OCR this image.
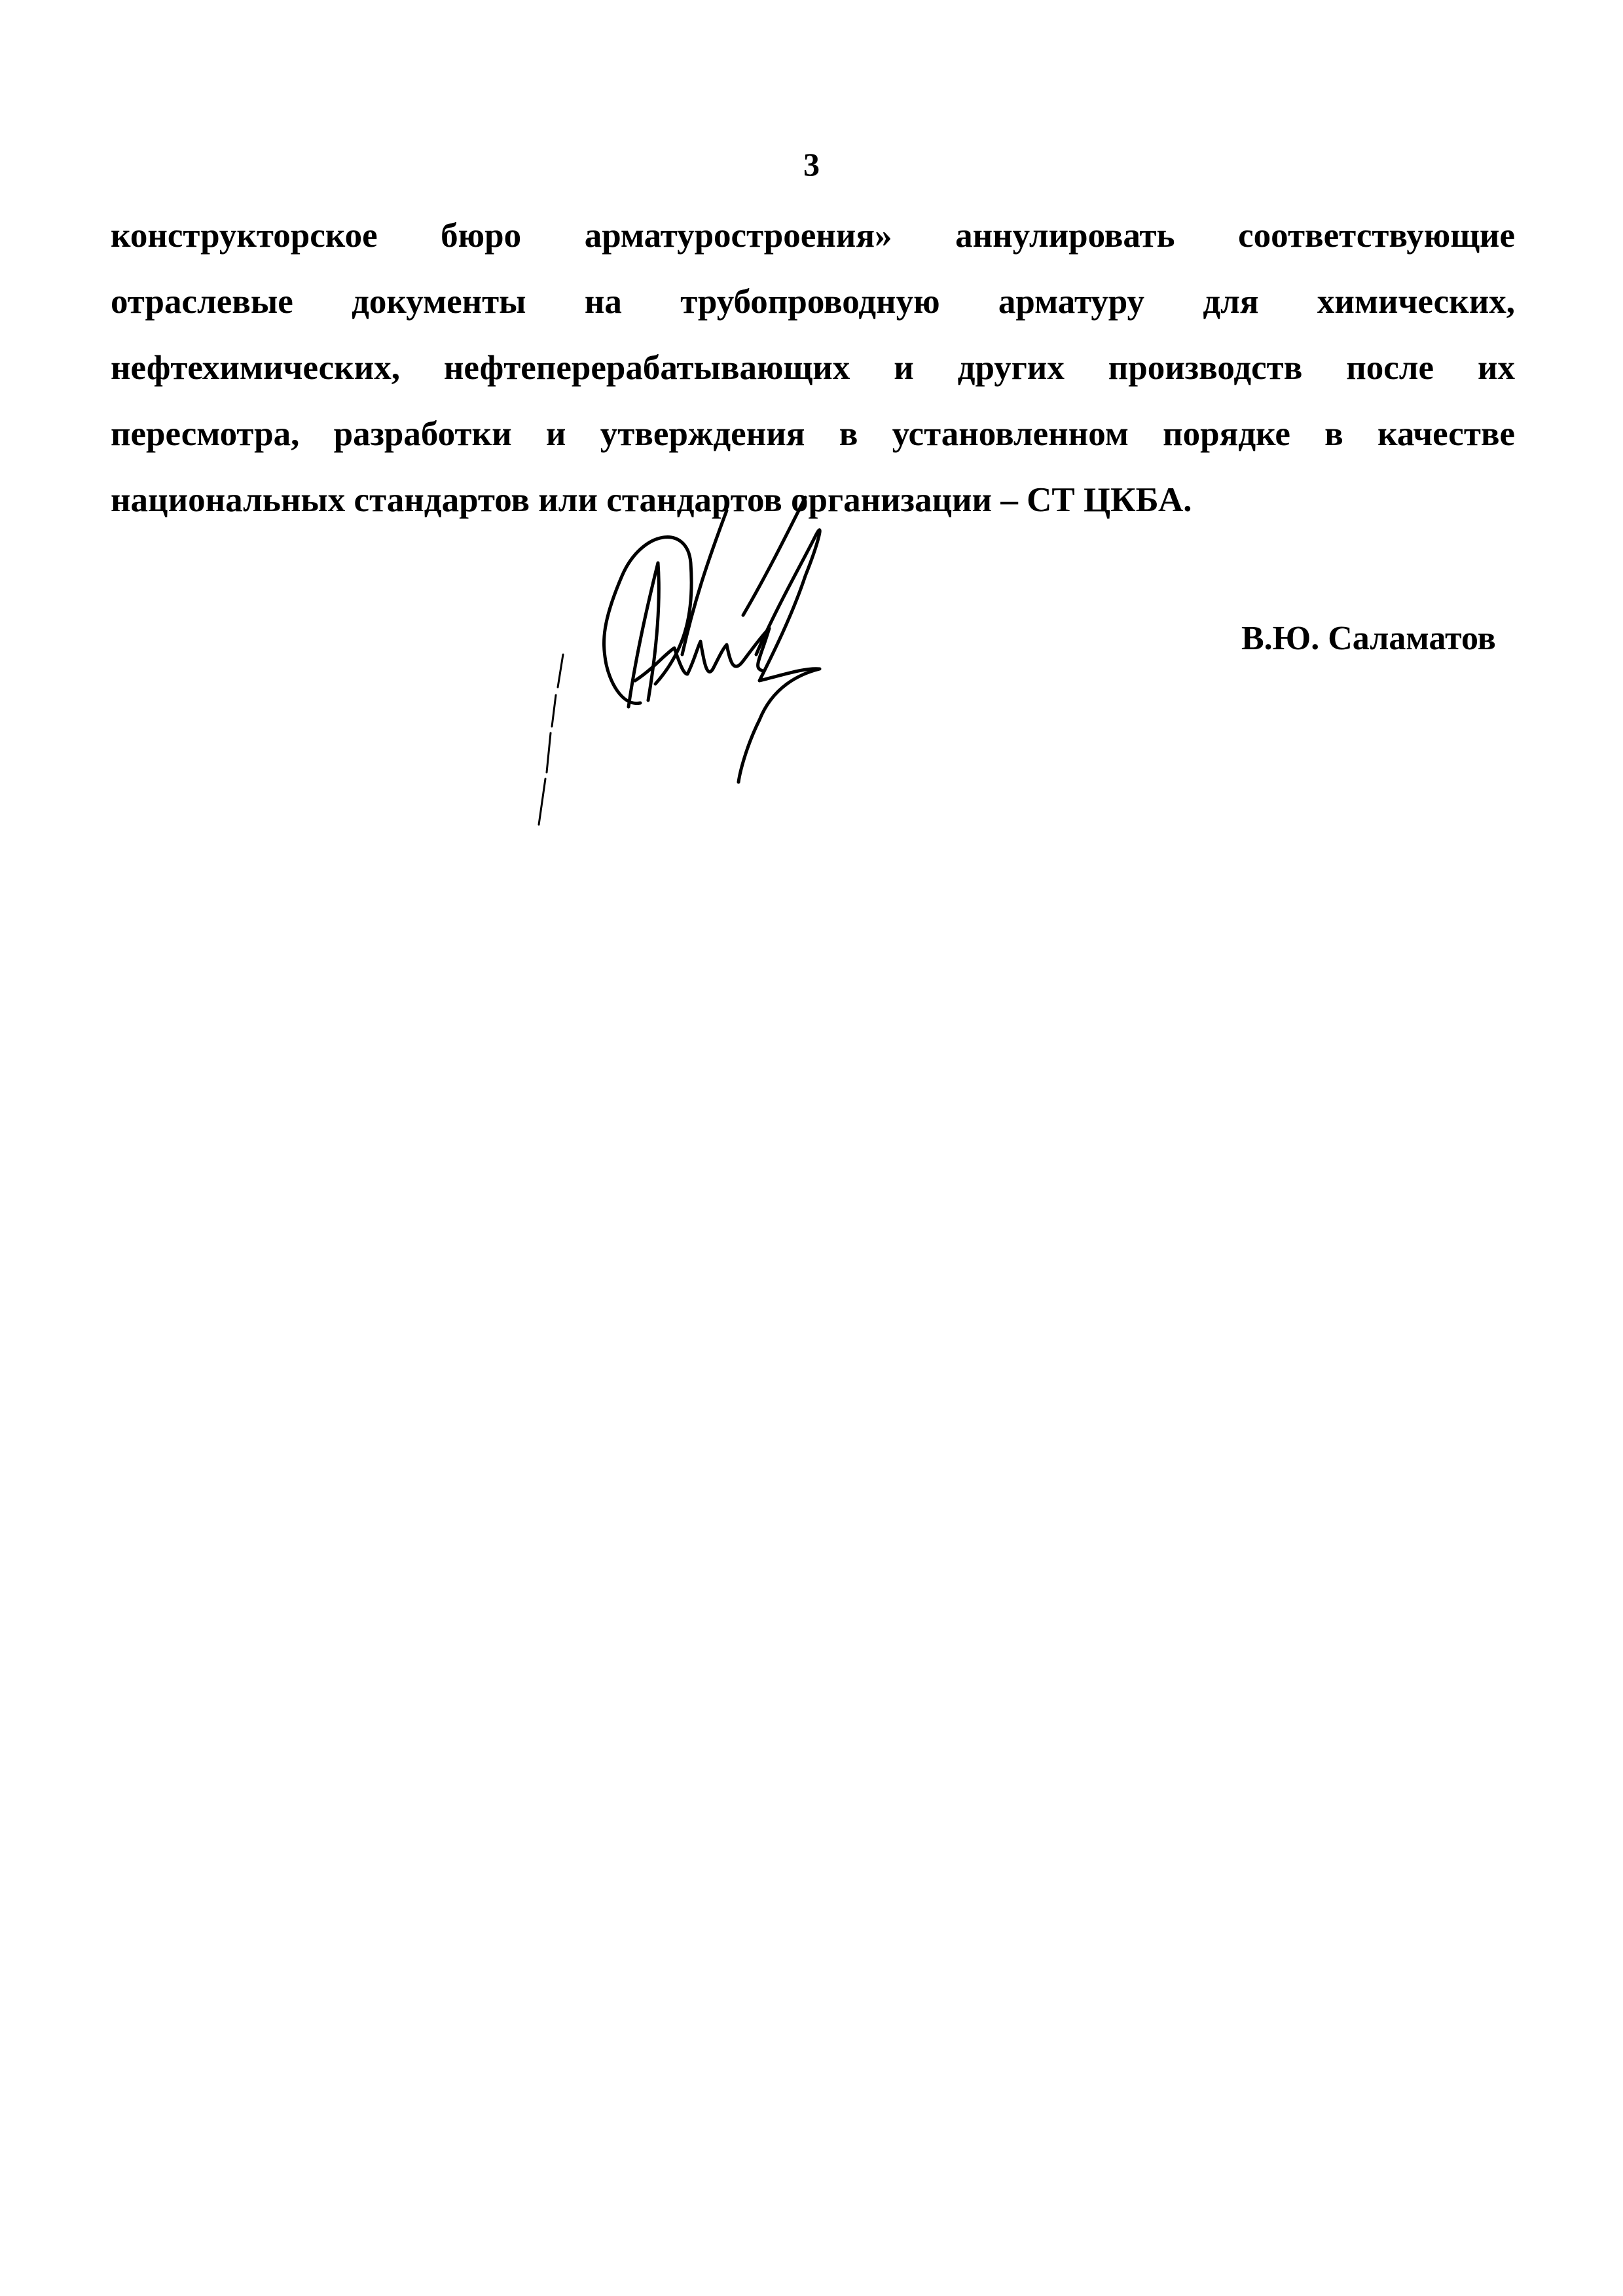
3
конструкторское бюро арматуростроения» аннулировать соответствующие
отраслевые документы на трубопроводную арматуру для химических,
нефтехимических, нефтеперерабатывающих и других производств после их
пересмотра, разработки и утверждения в установленном порядке в качестве
национальных стандартов или стандартов организации – СТ ЦКБА.
В.Ю. Саламатов
